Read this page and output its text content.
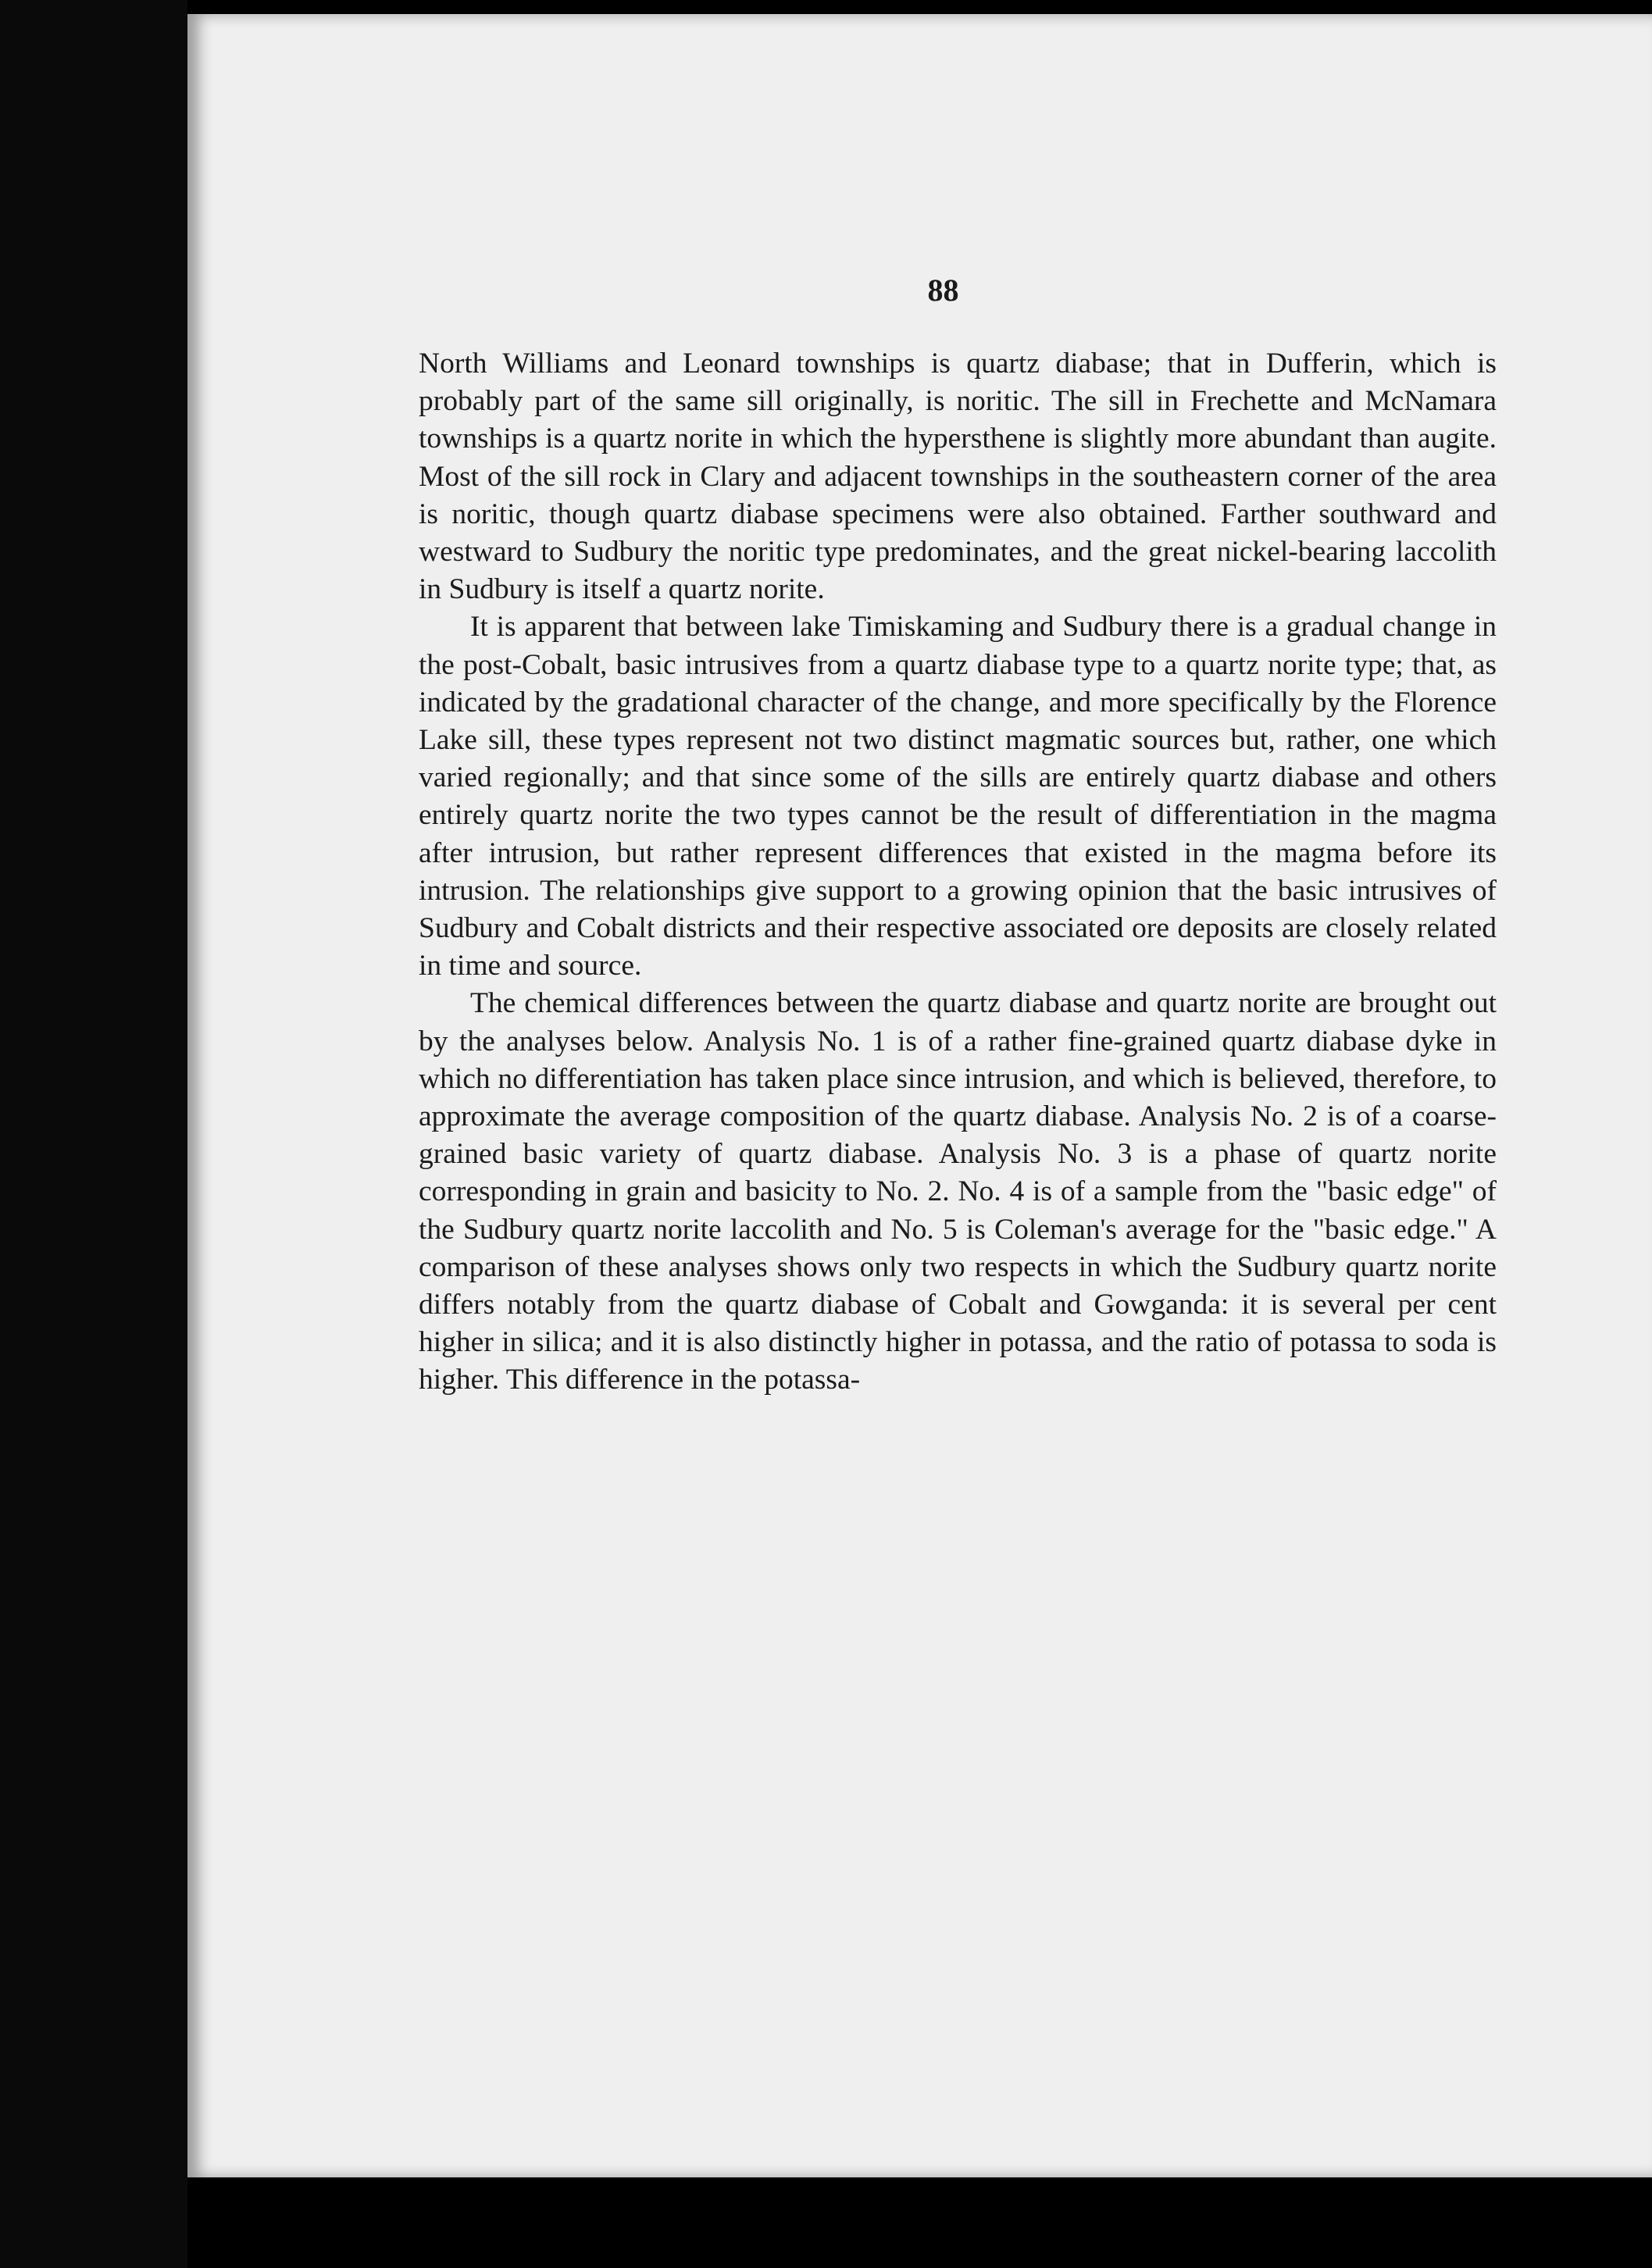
88

North Williams and Leonard townships is quartz diabase; that in Dufferin, which is probably part of the same sill originally, is noritic. The sill in Frechette and McNamara townships is a quartz norite in which the hypersthene is slightly more abundant than augite. Most of the sill rock in Clary and adjacent townships in the southeastern corner of the area is noritic, though quartz diabase specimens were also obtained. Farther southward and westward to Sudbury the noritic type predominates, and the great nickel-bearing laccolith in Sudbury is itself a quartz norite.

It is apparent that between lake Timiskaming and Sudbury there is a gradual change in the post-Cobalt, basic intrusives from a quartz diabase type to a quartz norite type; that, as indicated by the gradational character of the change, and more specifically by the Florence Lake sill, these types represent not two distinct magmatic sources but, rather, one which varied regionally; and that since some of the sills are entirely quartz diabase and others entirely quartz norite the two types cannot be the result of differentiation in the magma after intrusion, but rather represent differences that existed in the magma before its intrusion. The relationships give support to a growing opinion that the basic intrusives of Sudbury and Cobalt districts and their respective associated ore deposits are closely related in time and source.

The chemical differences between the quartz diabase and quartz norite are brought out by the analyses below. Analysis No. 1 is of a rather fine-grained quartz diabase dyke in which no differentiation has taken place since intrusion, and which is believed, therefore, to approximate the average composition of the quartz diabase. Analysis No. 2 is of a coarse-grained basic variety of quartz diabase. Analysis No. 3 is a phase of quartz norite corresponding in grain and basicity to No. 2. No. 4 is of a sample from the "basic edge" of the Sudbury quartz norite laccolith and No. 5 is Coleman's average for the "basic edge." A comparison of these analyses shows only two respects in which the Sudbury quartz norite differs notably from the quartz diabase of Cobalt and Gowganda: it is several per cent higher in silica; and it is also distinctly higher in potassa, and the ratio of potassa to soda is higher. This difference in the potassa-
